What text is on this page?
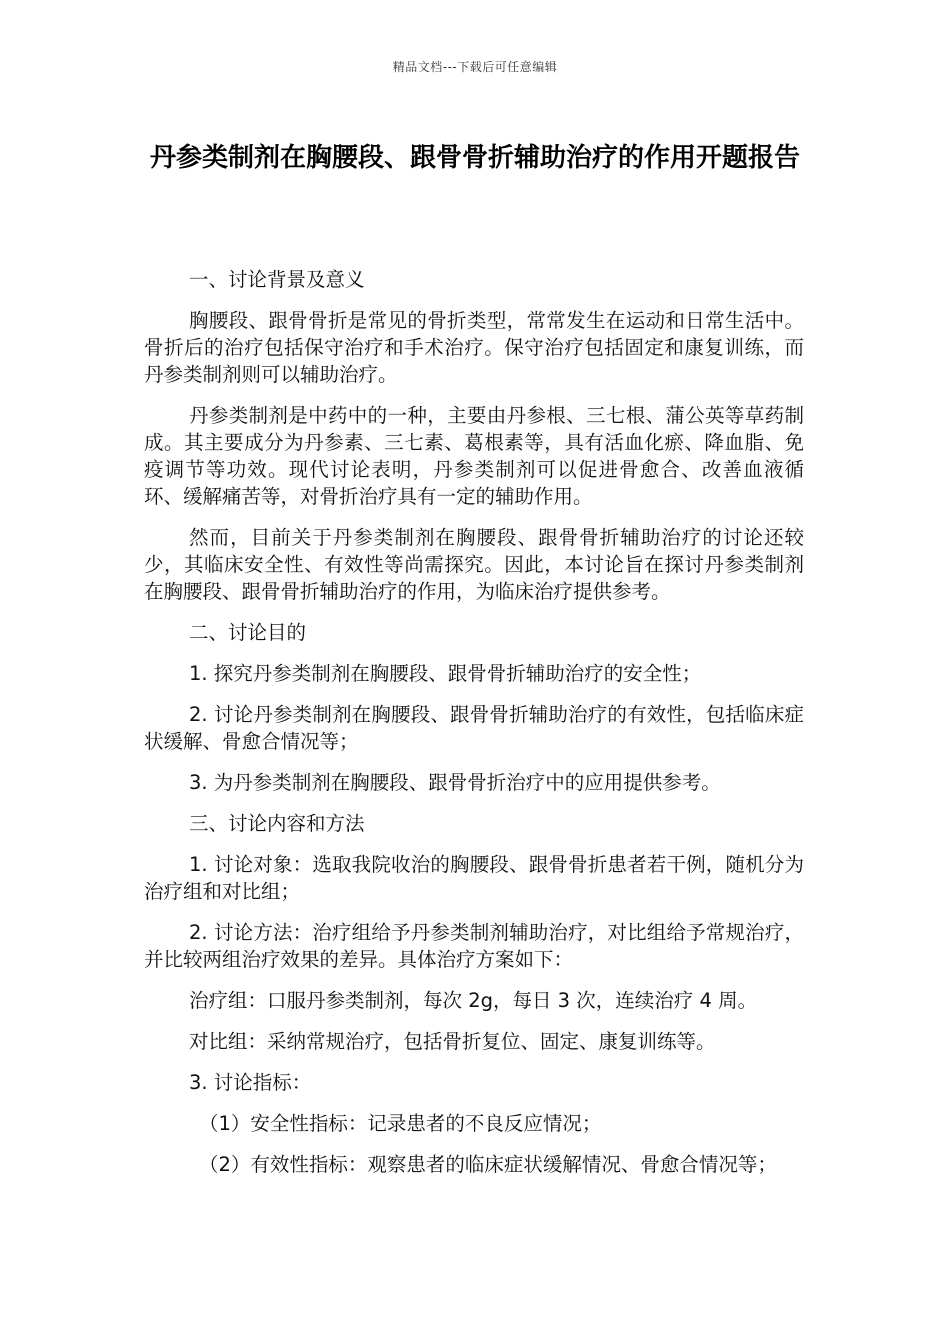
精品文档---下载后可任意编辑
丹参类制剂在胸腰段、跟骨骨折辅助治疗的作用开题报告

一、讨论背景及意义

胸腰段、跟骨骨折是常见的骨折类型，常常发生在运动和日常生活中。骨折后的治疗包括保守治疗和手术治疗。保守治疗包括固定和康复训练，而丹参类制剂则可以辅助治疗。

丹参类制剂是中药中的一种，主要由丹参根、三七根、蒲公英等草药制成。其主要成分为丹参素、三七素、葛根素等，具有活血化瘀、降血脂、免疫调节等功效。现代讨论表明，丹参类制剂可以促进骨愈合、改善血液循环、缓解痛苦等，对骨折治疗具有一定的辅助作用。

然而，目前关于丹参类制剂在胸腰段、跟骨骨折辅助治疗的讨论还较少，其临床安全性、有效性等尚需探究。因此，本讨论旨在探讨丹参类制剂在胸腰段、跟骨骨折辅助治疗的作用，为临床治疗提供参考。

二、讨论目的

1. 探究丹参类制剂在胸腰段、跟骨骨折辅助治疗的安全性；

2. 讨论丹参类制剂在胸腰段、跟骨骨折辅助治疗的有效性，包括临床症状缓解、骨愈合情况等；

3. 为丹参类制剂在胸腰段、跟骨骨折治疗中的应用提供参考。

三、讨论内容和方法

1. 讨论对象：选取我院收治的胸腰段、跟骨骨折患者若干例，随机分为治疗组和对比组；

2. 讨论方法：治疗组给予丹参类制剂辅助治疗，对比组给予常规治疗，并比较两组治疗效果的差异。具体治疗方案如下：

治疗组：口服丹参类制剂，每次 2g，每日 3 次，连续治疗 4 周。

对比组：采纳常规治疗，包括骨折复位、固定、康复训练等。

3. 讨论指标：

（1）安全性指标：记录患者的不良反应情况；

（2）有效性指标：观察患者的临床症状缓解情况、骨愈合情况等；
